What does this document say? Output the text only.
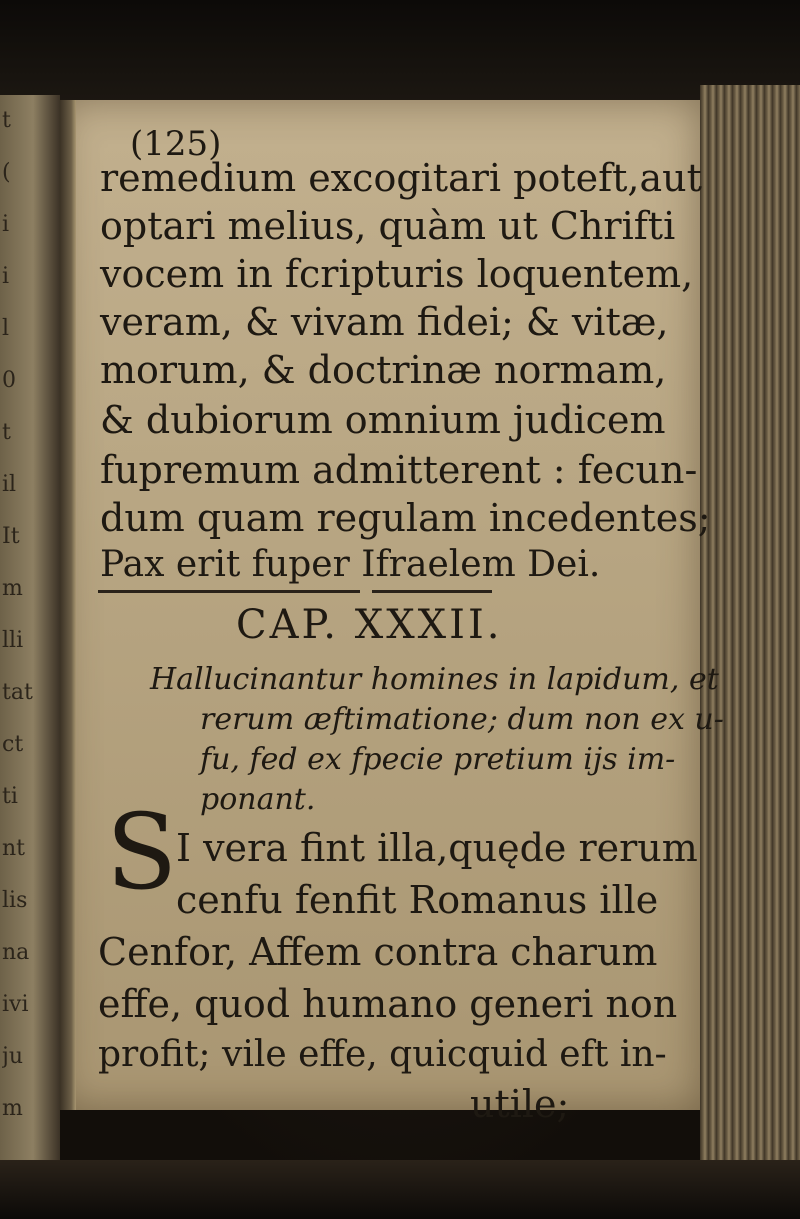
t
(
i
i
l
0
t
il
It
m
lli
tat
ct
ti
nt
lis
na
ivi
ju
m
(125)
remedium excogitari poteft,aut
optari melius, quàm ut Chrifti
vocem in fcripturis loquentem,
veram, & vivam fidei; & vitæ,
morum, & doctrinæ normam,
& dubiorum omnium judicem
fupremum admitterent : fecun-
dum quam regulam incedentes;
Pax erit fuper Ifraelem Dei.
CAP. XXXII.
Hallucinantur homines in lapidum, et
rerum æftimatione; dum non ex u-
fu, fed ex fpecie pretium ijs im-
ponant.
S
I vera fint illa,quęde rerum
cenfu fenfit Romanus ille
Cenfor, Affem contra charum
effe, quod humano generi non
profit; vile effe, quicquid eft in-
utile;
